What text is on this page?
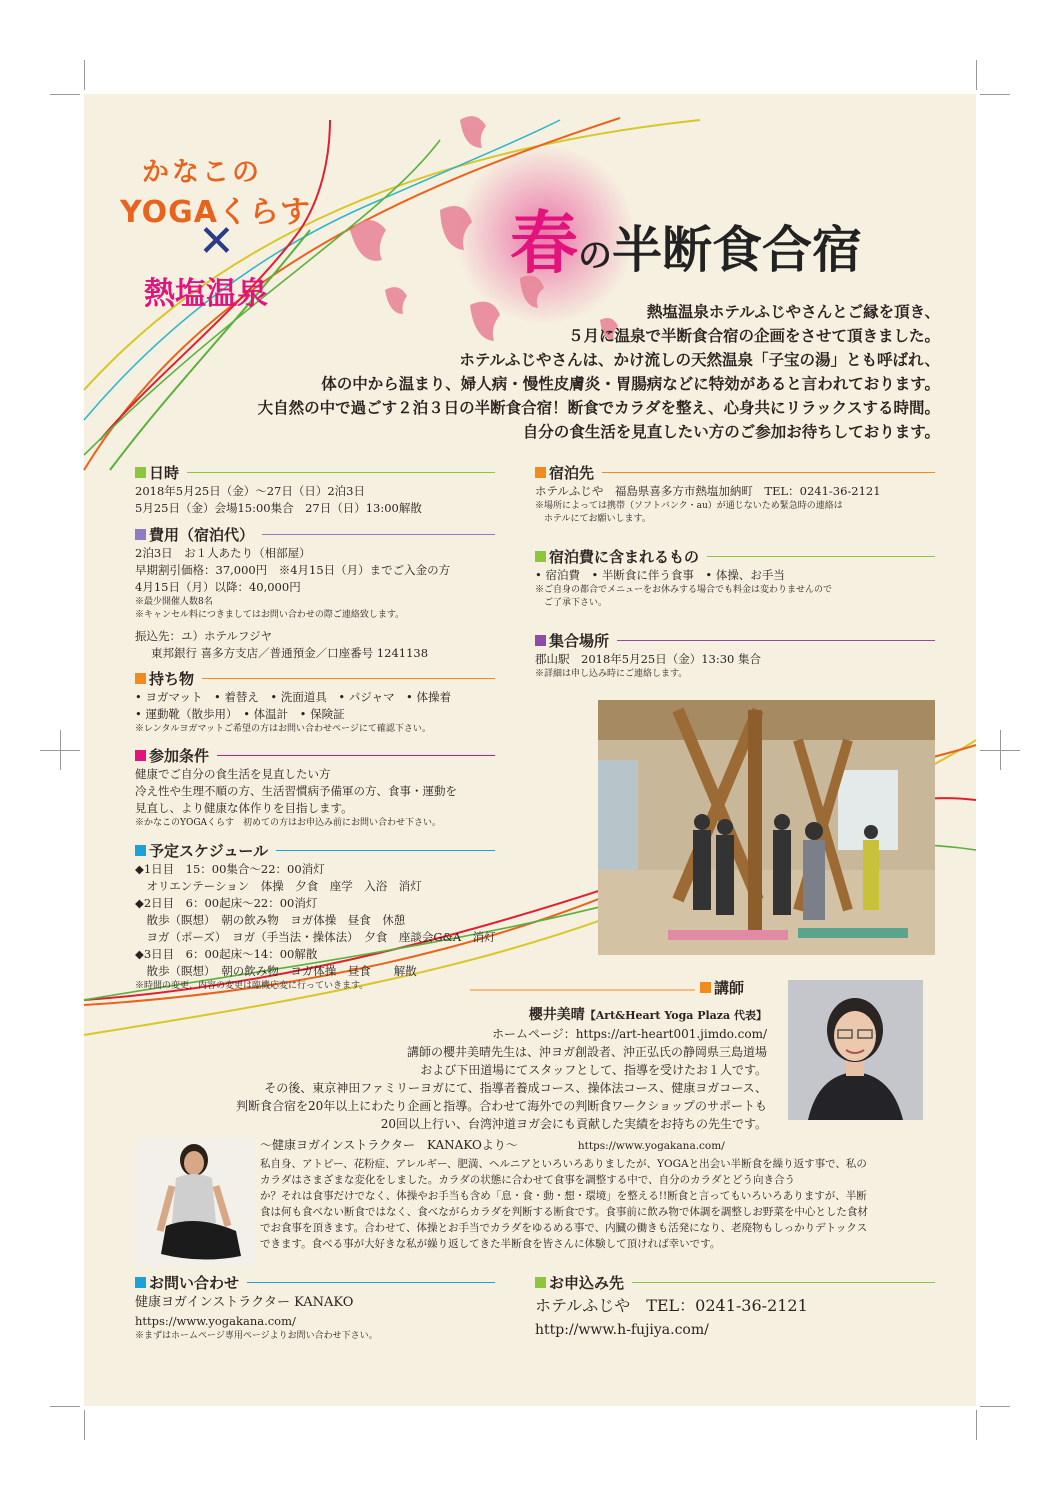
かなこの
YOGAくらす
✕
熱塩温泉
春の半断食合宿
熱塩温泉ホテルふじやさんとご縁を頂き、
５月に温泉で半断食合宿の企画をさせて頂きました。
ホテルふじやさんは、かけ流しの天然温泉「子宝の湯」とも呼ばれ、
体の中から温まり、婦人病・慢性皮膚炎・胃腸病などに特効があると言われております。
大自然の中で過ごす２泊３日の半断食合宿！断食でカラダを整え、心身共にリラックスする時間。
自分の食生活を見直したい方のご参加お待ちしております。
日時
2018年5月25日（金）〜27日（日）2泊3日
5月25日（金）会場15:00集合　27日（日）13:00解散
費用（宿泊代）
2泊3日　お１人あたり（相部屋）
早期割引価格：37,000円　※4月15日（月）までご入金の方
4月15日（月）以降：40,000円
※最少開催人数8名
※キャンセル料につきましてはお問い合わせの際ご連絡致します。
振込先：ユ）ホテルフジヤ
東邦銀行 喜多方支店／普通預金／口座番号 1241138
持ち物
• ヨガマット　• 着替え　• 洗面道具　• パジャマ　• 体操着
• 運動靴（散歩用）　• 体温計　• 保険証
※レンタルヨガマットご希望の方はお問い合わせページにて確認下さい。
参加条件
健康でご自分の食生活を見直したい方
冷え性や生理不順の方、生活習慣病予備軍の方、食事・運動を
見直し、より健康な体作りを目指します。
※かなこのYOGAくらす　初めての方はお申込み前にお問い合わせ下さい。
予定スケジュール
◆1日目　15：00集合〜22：00消灯
　オリエンテーション　体操　夕食　座学　入浴　消灯
◆2日目　6：00起床〜22：00消灯
　散歩（瞑想）　朝の飲み物　ヨガ体操　昼食　休憩
　ヨガ（ポーズ）　ヨガ（手当法・操体法）　夕食　座談会G&A　消灯
◆3日目　6：00起床〜14：00解散
　散歩（瞑想）　朝の飲み物　ヨガ体操　昼食　　解散
※時間の変更、内容の変更は臨機応変に行っていきます。
宿泊先
ホテルふじや　福島県喜多方市熱塩加納町　TEL：0241-36-2121
※場所によっては携帯（ソフトバンク・au）が通じないため緊急時の連絡は
　ホテルにてお願いします。
宿泊費に含まれるもの
• 宿泊費　• 半断食に伴う食事　• 体操、お手当
※ご自身の都合でメニューをお休みする場合でも料金は変わりませんので
　ご了承下さい。
集合場所
郡山駅　2018年5月25日（金）13:30 集合
※詳細は申し込み時にご連絡します。
講師
櫻井美晴【Art&Heart Yoga Plaza 代表】
ホームページ：https://art-heart001.jimdo.com/
講師の櫻井美晴先生は、沖ヨガ創設者、沖正弘氏の静岡県三島道場
および下田道場にてスタッフとして、指導を受けたお１人です。
その後、東京神田ファミリーヨガにて、指導者養成コース、操体法コース、健康ヨガコース、
判断食合宿を20年以上にわたり企画と指導。合わせて海外での判断食ワークショップのサポートも
20回以上行い、台湾沖道ヨガ会にも貢献した実績をお持ちの先生です。
〜健康ヨガインストラクター　KANAKOより〜	https://www.yogakana.com/
私自身、アトピー、花粉症、アレルギー、肥満、ヘルニアといろいろありましたが、YOGAと出会い半断食を繰り返す事で、私の
カラダはさまざまな変化をしました。カラダの状態に合わせて食事を調整する中で、自分のカラダとどう向き合う
か？それは食事だけでなく、体操やお手当も含め「息・食・動・想・環境」を整える!!断食と言ってもいろいろありますが、半断
食は何も食べない断食ではなく、食べながらカラダを判断する断食です。食事前に飲み物で体調を調整しお野菜を中心とした食材
でお食事を頂きます。合わせて、体操とお手当でカラダをゆるめる事で、内臓の働きも活発になり、老廃物もしっかりデトックス
できます。食べる事が大好きな私が繰り返してきた半断食を皆さんに体験して頂ければ幸いです。
お問い合わせ
健康ヨガインストラクター KANAKO
https://www.yogakana.com/
※まずはホームページ専用ページよりお問い合わせ下さい。
お申込み先
ホテルふじや　TEL：0241-36-2121
http://www.h-fujiya.com/
